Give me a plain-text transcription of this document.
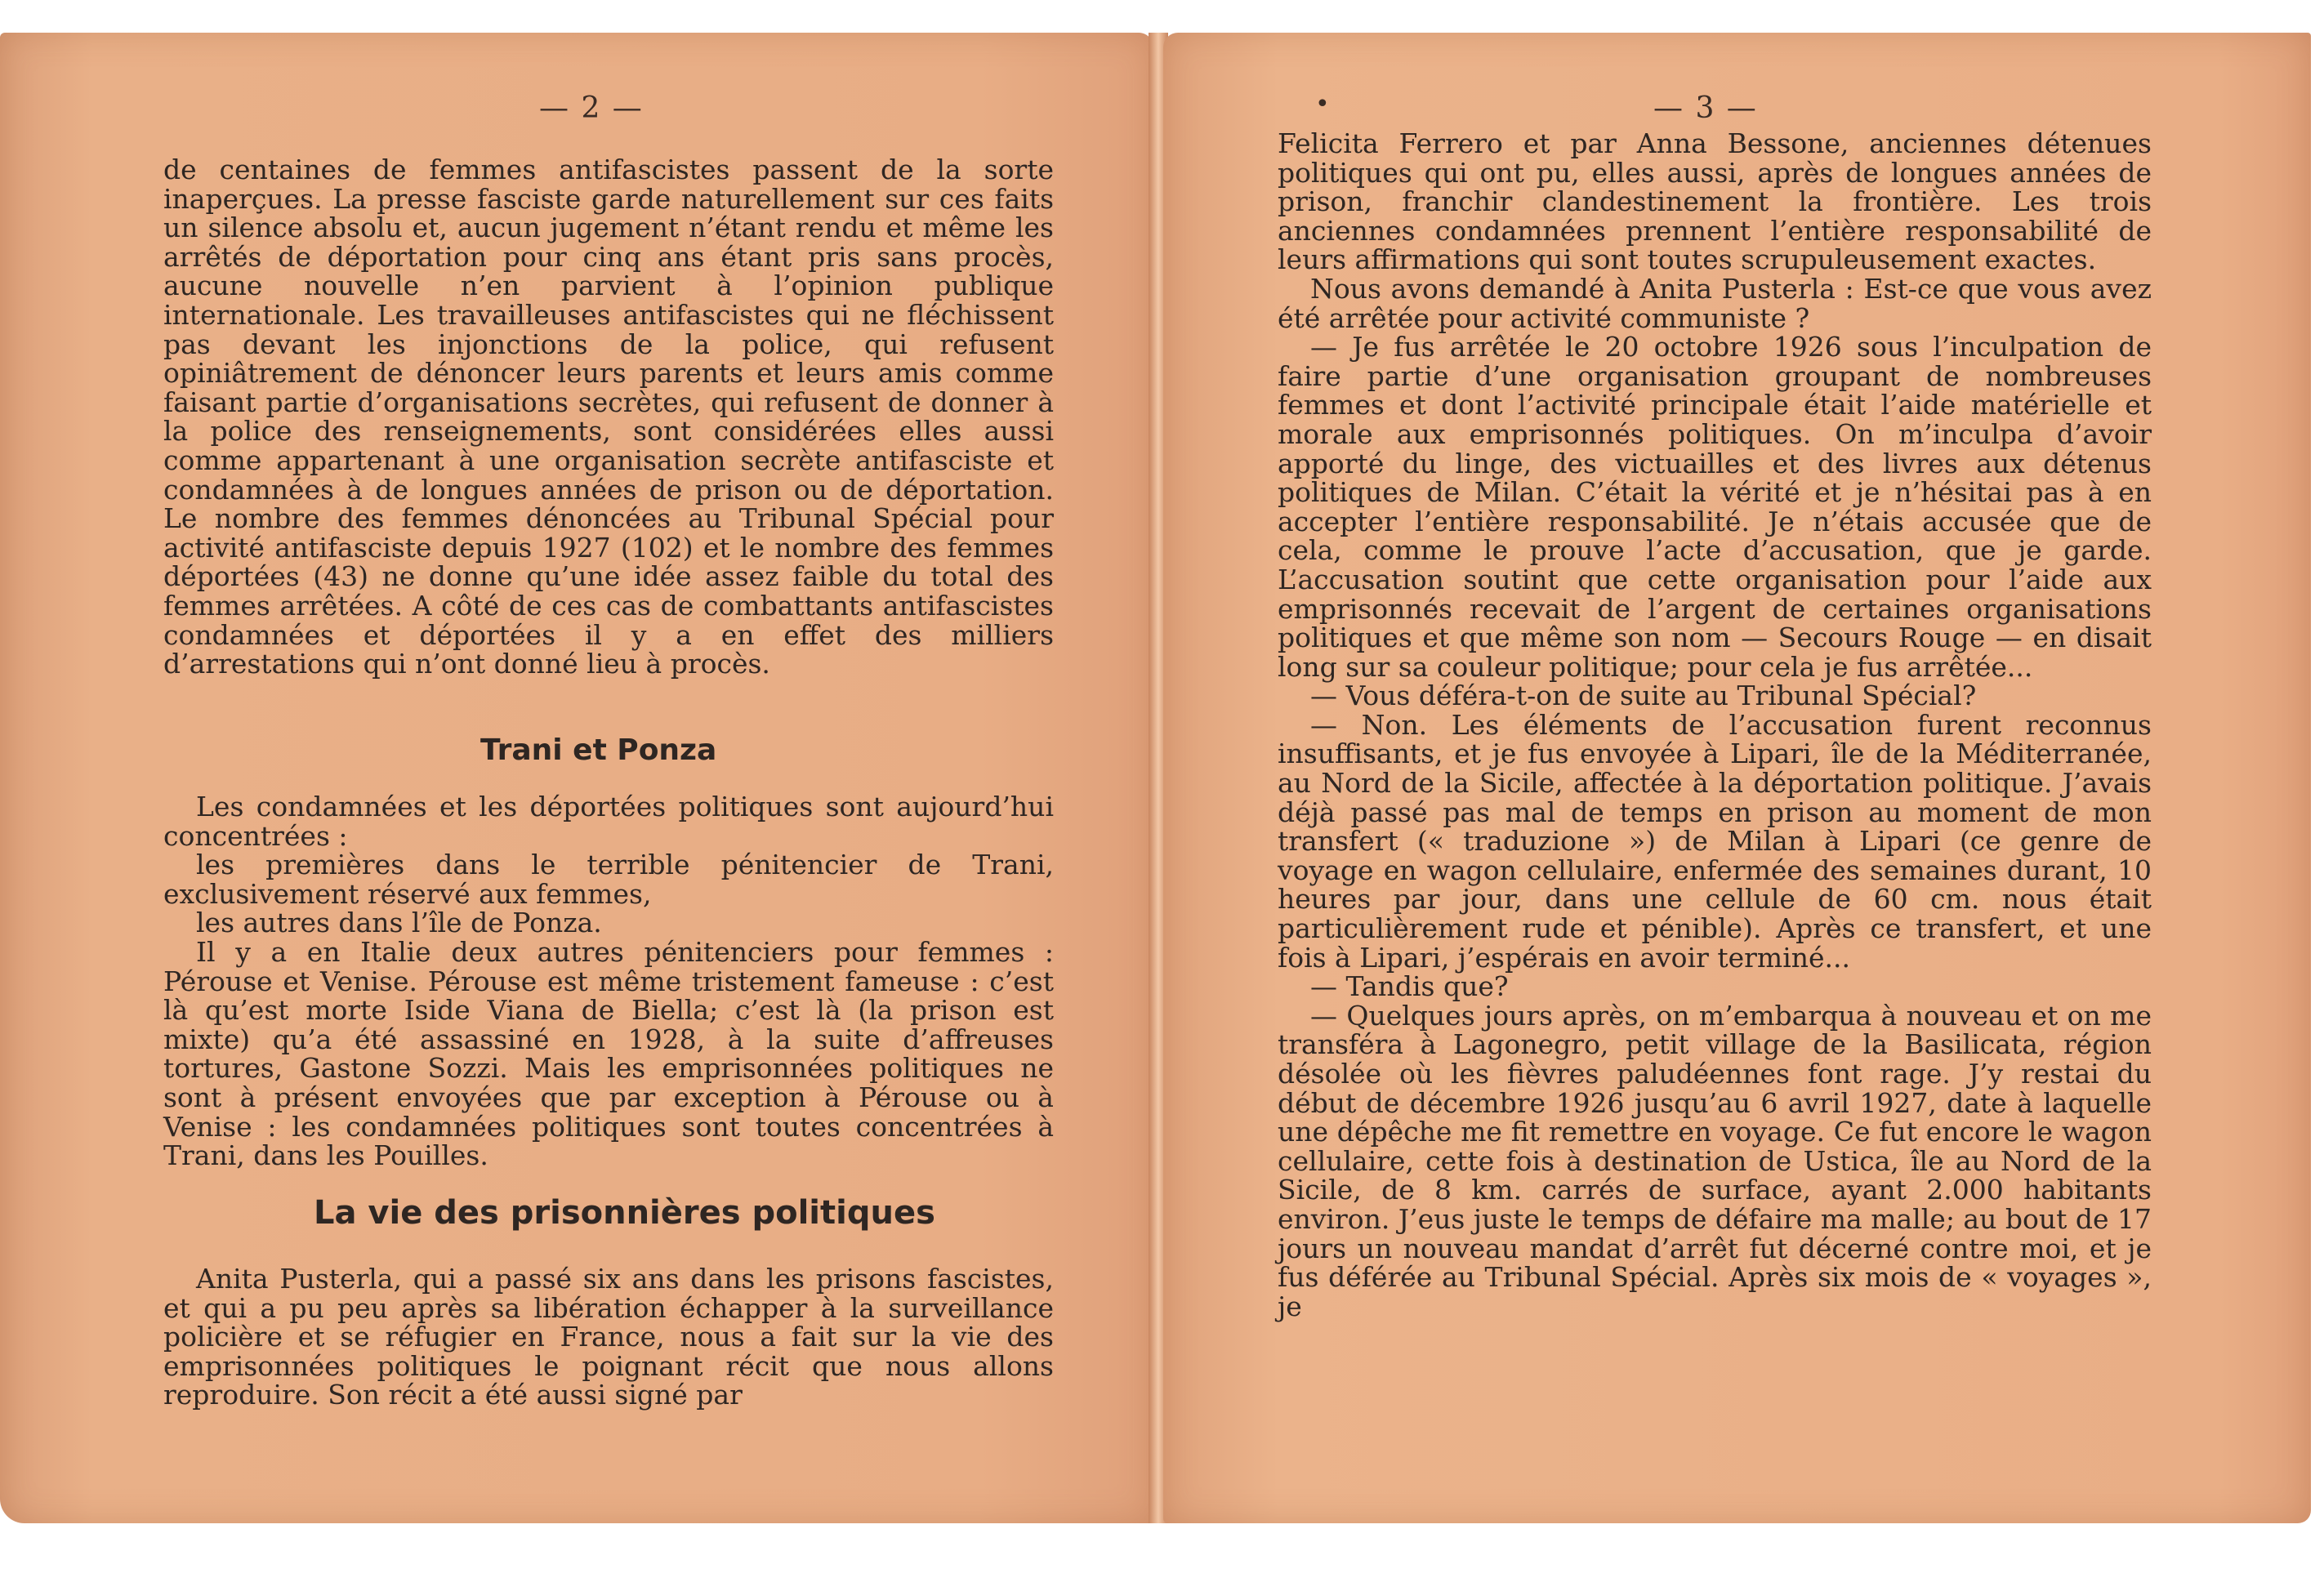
— 2 —

de centaines de femmes antifascistes passent de la sorte inaperçues. La presse fasciste garde naturellement sur ces faits un silence absolu et, aucun jugement n’étant rendu et même les arrêtés de déportation pour cinq ans étant pris sans procès, aucune nouvelle n’en parvient à l’opinion publique internationale. Les travailleuses antifascistes qui ne fléchissent pas devant les injonctions de la police, qui refusent opiniâtrement de dénoncer leurs parents et leurs amis comme faisant partie d’organisations secrètes, qui refusent de donner à la police des renseignements, sont considérées elles aussi comme appartenant à une organisation secrète antifasciste et condamnées à de longues années de prison ou de déportation. Le nombre des femmes dénoncées au Tribunal Spécial pour activité antifasciste depuis 1927 (102) et le nombre des femmes déportées (43) ne donne qu’une idée assez faible du total des femmes arrêtées. A côté de ces cas de combattants antifascistes condamnées et déportées il y a en effet des milliers d’arrestations qui n’ont donné lieu à procès.

Trani et Ponza

Les condamnées et les déportées politiques sont aujourd’hui concentrées :

les premières dans le terrible pénitencier de Trani, exclusivement réservé aux femmes,

les autres dans l’île de Ponza.

Il y a en Italie deux autres pénitenciers pour femmes : Pérouse et Venise. Pérouse est même tristement fameuse : c’est là qu’est morte Iside Viana de Biella; c’est là (la prison est mixte) qu’a été assassiné en 1928, à la suite d’affreuses tortures, Gastone Sozzi. Mais les emprisonnées politiques ne sont à présent envoyées que par exception à Pérouse ou à Venise : les condamnées politiques sont toutes concentrées à Trani, dans les Pouilles.

La vie des prisonnières politiques

Anita Pusterla, qui a passé six ans dans les prisons fascistes, et qui a pu peu après sa libération échapper à la surveillance policière et se réfugier en France, nous a fait sur la vie des emprisonnées politiques le poignant récit que nous allons reproduire. Son récit a été aussi signé par

•	— 3 —

Felicita Ferrero et par Anna Bessone, anciennes détenues politiques qui ont pu, elles aussi, après de longues années de prison, franchir clandestinement la frontière. Les trois anciennes condamnées prennent l’entière responsabilité de leurs affirmations qui sont toutes scrupuleusement exactes.

Nous avons demandé à Anita Pusterla : Est-ce que vous avez été arrêtée pour activité communiste ?

— Je fus arrêtée le 20 octobre 1926 sous l’inculpation de faire partie d’une organisation groupant de nombreuses femmes et dont l’activité principale était l’aide matérielle et morale aux emprisonnés politiques. On m’inculpa d’avoir apporté du linge, des victuailles et des livres aux détenus politiques de Milan. C’était la vérité et je n’hésitai pas à en accepter l’entière responsabilité. Je n’étais accusée que de cela, comme le prouve l’acte d’accusation, que je garde. L’accusation soutint que cette organisation pour l’aide aux emprisonnés recevait de l’argent de certaines organisations politiques et que même son nom — Secours Rouge — en disait long sur sa couleur politique; pour cela je fus arrêtée...

— Vous déféra-t-on de suite au Tribunal Spécial?

— Non. Les éléments de l’accusation furent reconnus insuffisants, et je fus envoyée à Lipari, île de la Méditerranée, au Nord de la Sicile, affectée à la déportation politique. J’avais déjà passé pas mal de temps en prison au moment de mon transfert (« traduzione ») de Milan à Lipari (ce genre de voyage en wagon cellulaire, enfermée des semaines durant, 10 heures par jour, dans une cellule de 60 cm. nous était particulièrement rude et pénible). Après ce transfert, et une fois à Lipari, j’espérais en avoir terminé...

— Tandis que?

— Quelques jours après, on m’embarqua à nouveau et on me transféra à Lagonegro, petit village de la Basilicata, région désolée où les fièvres paludéennes font rage. J’y restai du début de décembre 1926 jusqu’au 6 avril 1927, date à laquelle une dépêche me fit remettre en voyage. Ce fut encore le wagon cellulaire, cette fois à destination de Ustica, île au Nord de la Sicile, de 8 km. carrés de surface, ayant 2.000 habitants environ. J’eus juste le temps de défaire ma malle; au bout de 17 jours un nouveau mandat d’arrêt fut décerné contre moi, et je fus déférée au Tribunal Spécial. Après six mois de « voyages », je
